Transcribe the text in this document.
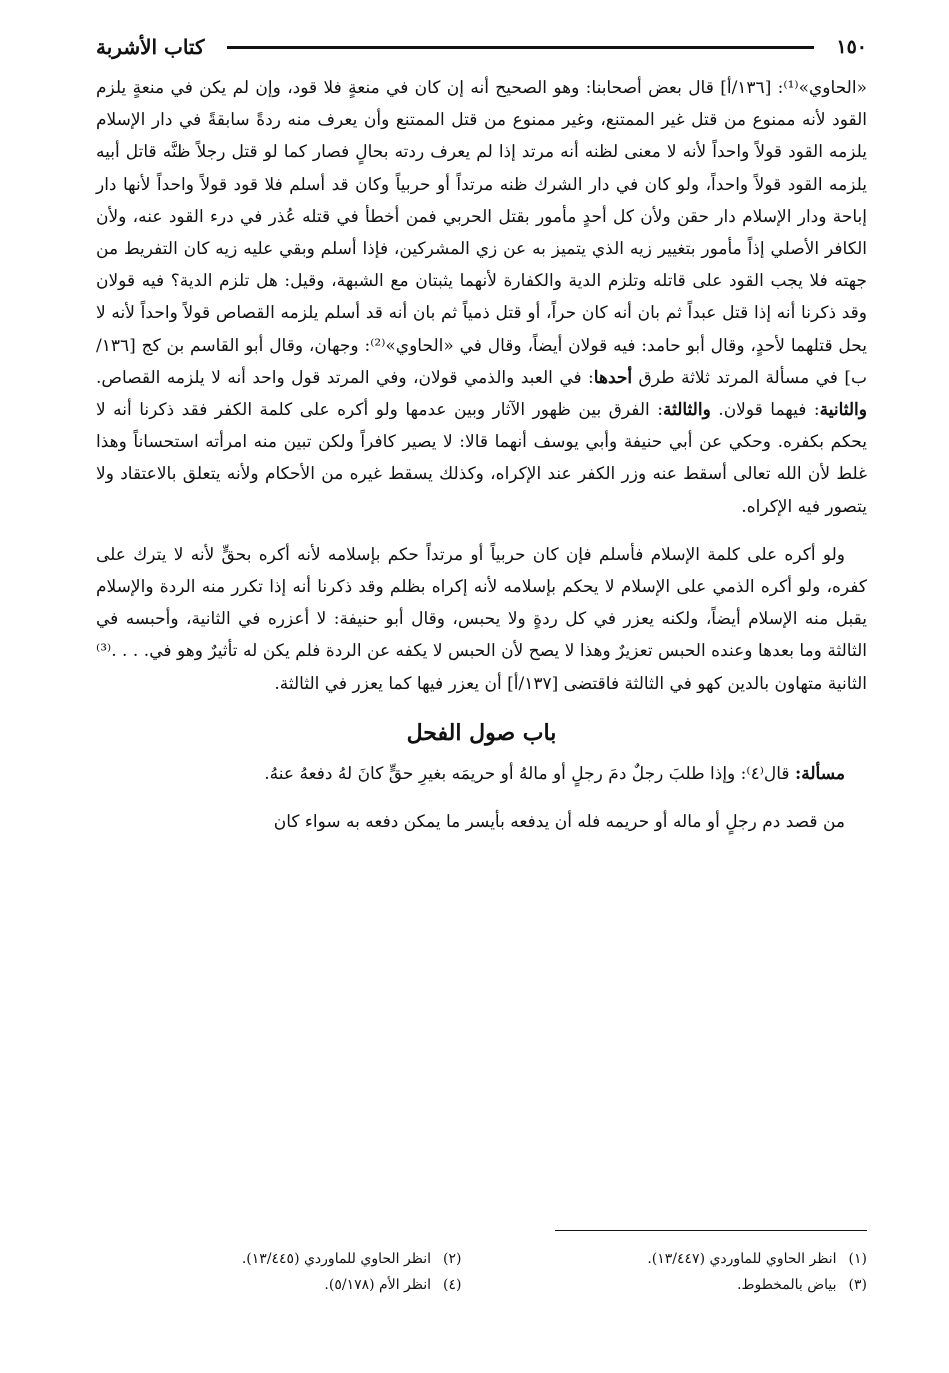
١٥٠
كتاب الأشربة

«الحاوي»⁽¹⁾: [١٣٦/أ] قال بعض أصحابنا: وهو الصحيح أنه إن كان في منعةٍ فلا قود، وإن لم يكن في منعةٍ يلزم القود لأنه ممنوع من قتل غير الممتنع، وغير ممنوع من قتل الممتنع وأن يعرف منه ردةً سابقةً في دار الإسلام يلزمه القود قولاً واحداً لأنه لا معنى لظنه أنه مرتد إذا لم يعرف ردته بحالٍ فصار كما لو قتل رجلاً ظنَّه قاتل أبيه يلزمه القود قولاً واحداً، ولو كان في دار الشرك ظنه مرتداً أو حربياً وكان قد أسلم فلا قود قولاً واحداً لأنها دار إباحة ودار الإسلام دار حقن ولأن كل أحدٍ مأمور بقتل الحربي فمن أخطأ في قتله عُذر في درء القود عنه، ولأن الكافر الأصلي إذاً مأمور بتغيير زيه الذي يتميز به عن زي المشركين، فإذا أسلم وبقي عليه زيه كان التفريط من جهته فلا يجب القود على قاتله وتلزم الدية والكفارة لأنهما يثبتان مع الشبهة، وقيل: هل تلزم الدية؟ فيه قولان وقد ذكرنا أنه إذا قتل عبداً ثم بان أنه كان حراً، أو قتل ذمياً ثم بان أنه قد أسلم يلزمه القصاص قولاً واحداً لأنه لا يحل قتلهما لأحدٍ، وقال أبو حامد: فيه قولان أيضاً، وقال في «الحاوي»⁽²⁾: وجهان، وقال أبو القاسم بن كج [١٣٦/ب] في مسألة المرتد ثلاثة طرق أحدها: في العبد والذمي قولان، وفي المرتد قول واحد أنه لا يلزمه القصاص. والثانية: فيهما قولان. والثالثة: الفرق بين ظهور الآثار وبين عدمها ولو أكره على كلمة الكفر فقد ذكرنا أنه لا يحكم بكفره. وحكي عن أبي حنيفة وأبي يوسف أنهما قالا: لا يصير كافراً ولكن تبين منه امرأته استحساناً وهذا غلط لأن الله تعالى أسقط عنه وزر الكفر عند الإكراه، وكذلك يسقط غيره من الأحكام ولأنه يتعلق بالاعتقاد ولا يتصور فيه الإكراه.

ولو أكره على كلمة الإسلام فأسلم فإن كان حربياً أو مرتداً حكم بإسلامه لأنه أكره بحقٍّ لأنه لا يترك على كفره، ولو أكره الذمي على الإسلام لا يحكم بإسلامه لأنه إكراه بظلم وقد ذكرنا أنه إذا تكرر منه الردة والإسلام يقبل منه الإسلام أيضاً، ولكنه يعزر في كل ردةٍ ولا يحبس، وقال أبو حنيفة: لا أعزره في الثانية، وأحبسه في الثالثة وما بعدها وعنده الحبس تعزيرٌ وهذا لا يصح لأن الحبس لا يكفه عن الردة فلم يكن له تأثيرٌ وهو في. . . .⁽³⁾ الثانية متهاون بالدين كهو في الثالثة فاقتضى [١٣٧/أ] أن يعزر فيها كما يعزر في الثالثة.

باب صول الفحل

مسألة: قال⁽٤⁾: وإذا طلبَ رجلٌ دمَ رجلٍ أو مالهُ أو حريمَه بغيرِ حقٍّ كانَ لهُ دفعهُ عنهُ.

من قصد دم رجلٍ أو ماله أو حريمه فله أن يدفعه بأيسر ما يمكن دفعه به سواء كان

(١)
انظر الحاوي للماوردي (١٣/٤٤٧).
(٢)
انظر الحاوي للماوردي (١٣/٤٤٥).
(٣)
بياض بالمخطوط.
(٤)
انظر الأم (٥/١٧٨).
